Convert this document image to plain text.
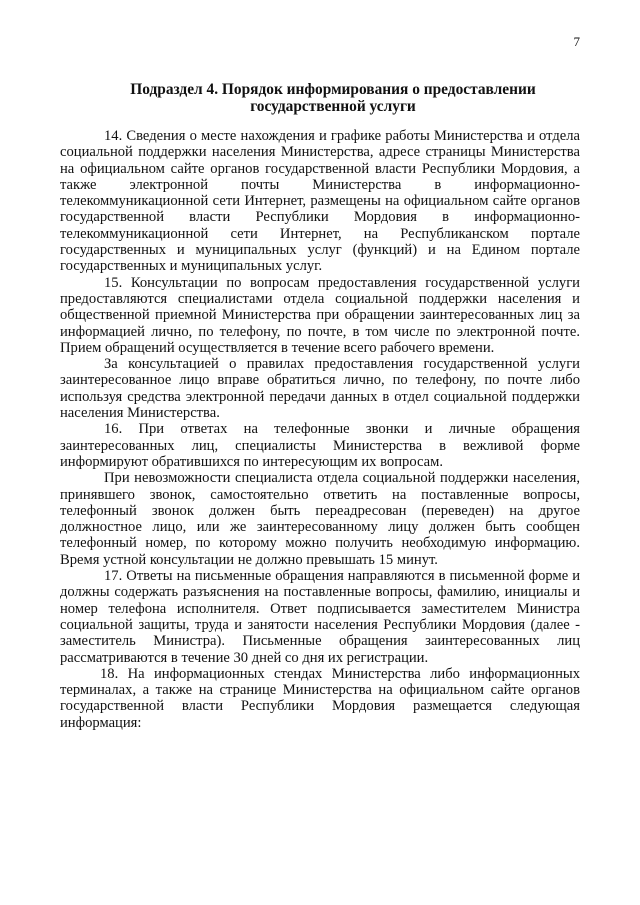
7
Подраздел 4. Порядок информирования о предоставлении
государственной услуги

14. Сведения о месте нахождения и графике работы Министерства и отдела социальной поддержки населения Министерства, адресе страницы Министерства на официальном сайте органов государственной власти Республики Мордовия, а также электронной почты Министерства в информационно-телекоммуникационной сети Интернет, размещены на официальном сайте органов государственной власти Республики Мордовия в информационно-телекоммуникационной сети Интернет, на Республиканском портале государственных и муниципальных услуг (функций) и на Едином портале государственных и муниципальных услуг.

15. Консультации по вопросам предоставления государственной услуги предоставляются специалистами отдела социальной поддержки населения и общественной приемной Министерства при обращении заинтересованных лиц за информацией лично, по телефону, по почте, в том числе по электронной почте. Прием обращений осуществляется в течение всего рабочего времени.

За консультацией о правилах предоставления государственной услуги заинтересованное лицо вправе обратиться лично, по телефону, по почте либо используя средства электронной передачи данных в отдел социальной поддержки населения Министерства.

16. При ответах на телефонные звонки и личные обращения заинтересованных лиц, специалисты Министерства в вежливой форме информируют обратившихся по интересующим их вопросам.

При невозможности специалиста отдела социальной поддержки населения, принявшего звонок, самостоятельно ответить на поставленные вопросы, телефонный звонок должен быть переадресован (переведен) на другое должностное лицо, или же заинтересованному лицу должен быть сообщен телефонный номер, по которому можно получить необходимую информацию. Время устной консультации не должно превышать 15 минут.

17. Ответы на письменные обращения направляются в письменной форме и должны содержать разъяснения на поставленные вопросы, фамилию, инициалы и номер телефона исполнителя. Ответ подписывается заместителем Министра социальной защиты, труда и занятости населения Республики Мордовия (далее - заместитель Министра). Письменные обращения заинтересованных лиц рассматриваются в течение 30 дней со дня их регистрации.

18. На информационных стендах Министерства либо информационных терминалах, а также на странице Министерства на официальном сайте органов государственной власти Республики Мордовия размещается следующая информация:
